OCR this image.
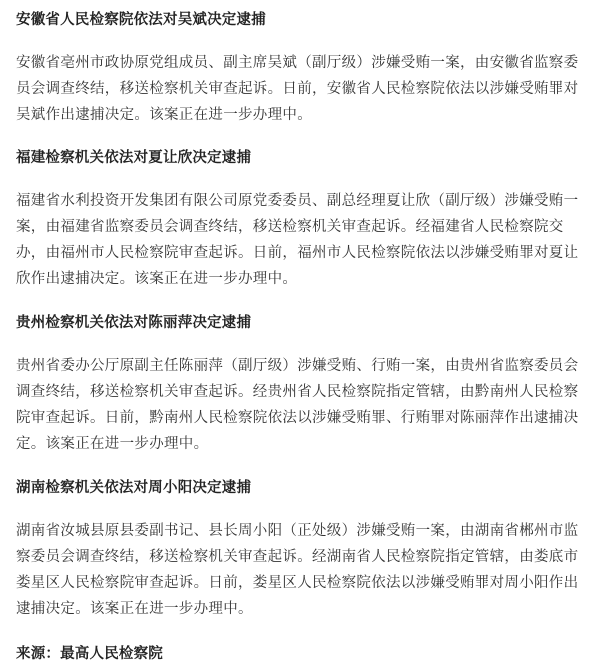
安徽省人民检察院依法对吴斌决定逮捕

安徽省亳州市政协原党组成员、副主席吴斌（副厅级）涉嫌受贿一案，由安徽省监察委员会调查终结，移送检察机关审查起诉。日前，安徽省人民检察院依法以涉嫌受贿罪对吴斌作出逮捕决定。该案正在进一步办理中。

福建检察机关依法对夏让欣决定逮捕

福建省水利投资开发集团有限公司原党委委员、副总经理夏让欣（副厅级）涉嫌受贿一案，由福建省监察委员会调查终结，移送检察机关审查起诉。经福建省人民检察院交办，由福州市人民检察院审查起诉。日前，福州市人民检察院依法以涉嫌受贿罪对夏让欣作出逮捕决定。该案正在进一步办理中。

贵州检察机关依法对陈丽萍决定逮捕

贵州省委办公厅原副主任陈丽萍（副厅级）涉嫌受贿、行贿一案，由贵州省监察委员会调查终结，移送检察机关审查起诉。经贵州省人民检察院指定管辖，由黔南州人民检察院审查起诉。日前，黔南州人民检察院依法以涉嫌受贿罪、行贿罪对陈丽萍作出逮捕决定。该案正在进一步办理中。

湖南检察机关依法对周小阳决定逮捕

湖南省汝城县原县委副书记、县长周小阳（正处级）涉嫌受贿一案，由湖南省郴州市监察委员会调查终结，移送检察机关审查起诉。经湖南省人民检察院指定管辖，由娄底市娄星区人民检察院审查起诉。日前，娄星区人民检察院依法以涉嫌受贿罪对周小阳作出逮捕决定。该案正在进一步办理中。

来源：最高人民检察院
